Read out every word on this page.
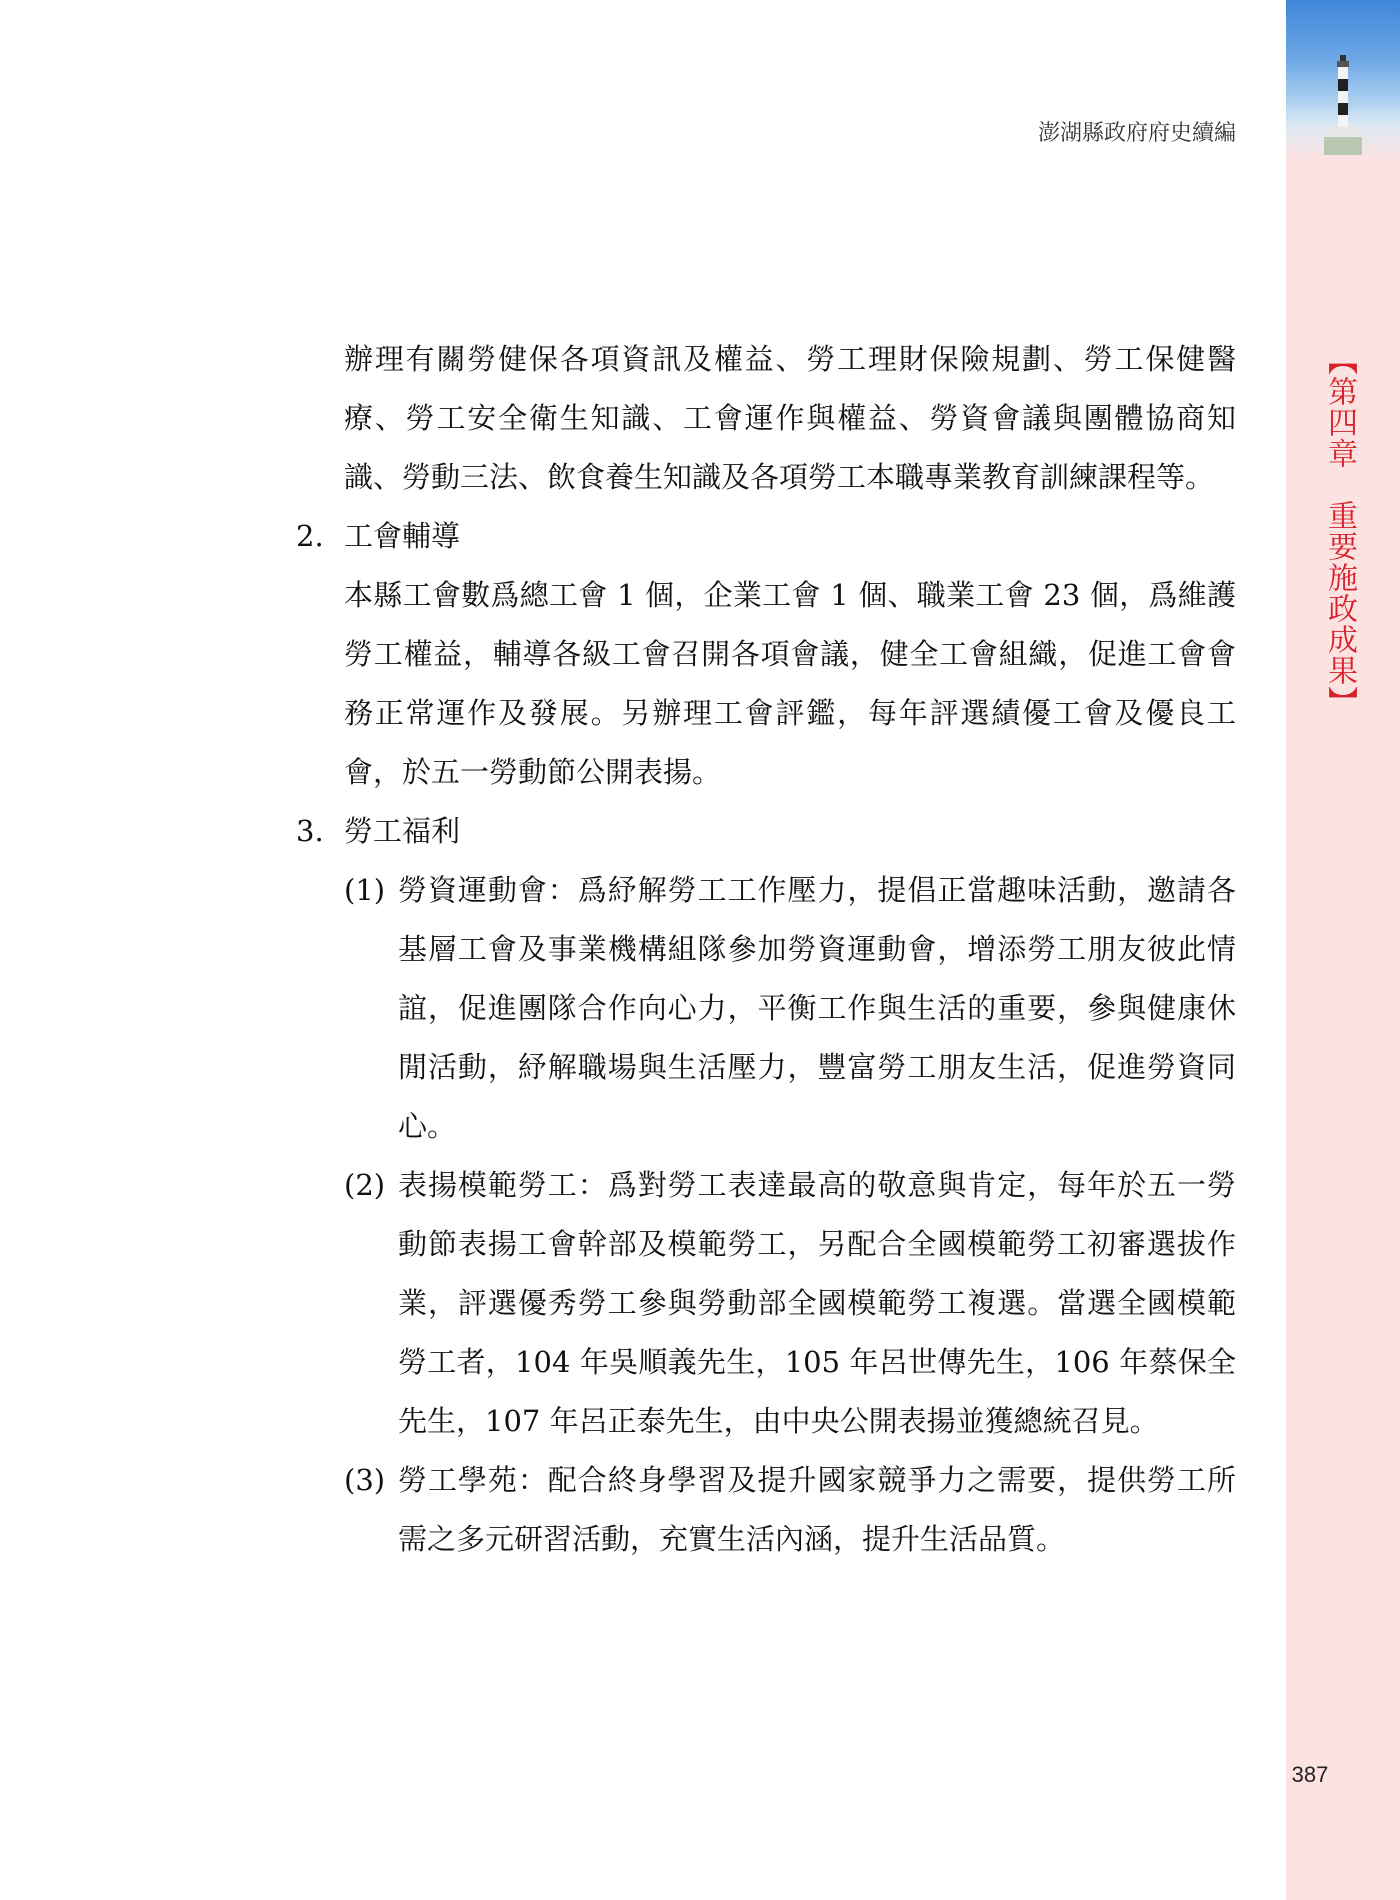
【第四章　重要施政成果】
澎湖縣政府府史續編

辦理有關勞健保各項資訊及權益、勞工理財保險規劃、勞工保健醫療、勞工安全衛生知識、工會運作與權益、勞資會議與團體協商知識、勞動三法、飲食養生知識及各項勞工本職專業教育訓練課程等。

2. 工會輔導

本縣工會數爲總工會 1 個，企業工會 1 個、職業工會 23 個，爲維護勞工權益，輔導各級工會召開各項會議，健全工會組織，促進工會會務正常運作及發展。另辦理工會評鑑，每年評選績優工會及優良工會，於五一勞動節公開表揚。

3. 勞工福利
(1) 勞資運動會：爲紓解勞工工作壓力，提倡正當趣味活動，邀請各基層工會及事業機構組隊參加勞資運動會，增添勞工朋友彼此情誼，促進團隊合作向心力，平衡工作與生活的重要，參與健康休閒活動，紓解職場與生活壓力，豐富勞工朋友生活，促進勞資同心。
(2) 表揚模範勞工：爲對勞工表達最高的敬意與肯定，每年於五一勞動節表揚工會幹部及模範勞工，另配合全國模範勞工初審選拔作業，評選優秀勞工參與勞動部全國模範勞工複選。當選全國模範勞工者，104 年吳順義先生，105 年呂世傳先生，106 年蔡保全先生，107 年呂正泰先生，由中央公開表揚並獲總統召見。
(3) 勞工學苑：配合終身學習及提升國家競爭力之需要，提供勞工所需之多元研習活動，充實生活內涵，提升生活品質。
387
